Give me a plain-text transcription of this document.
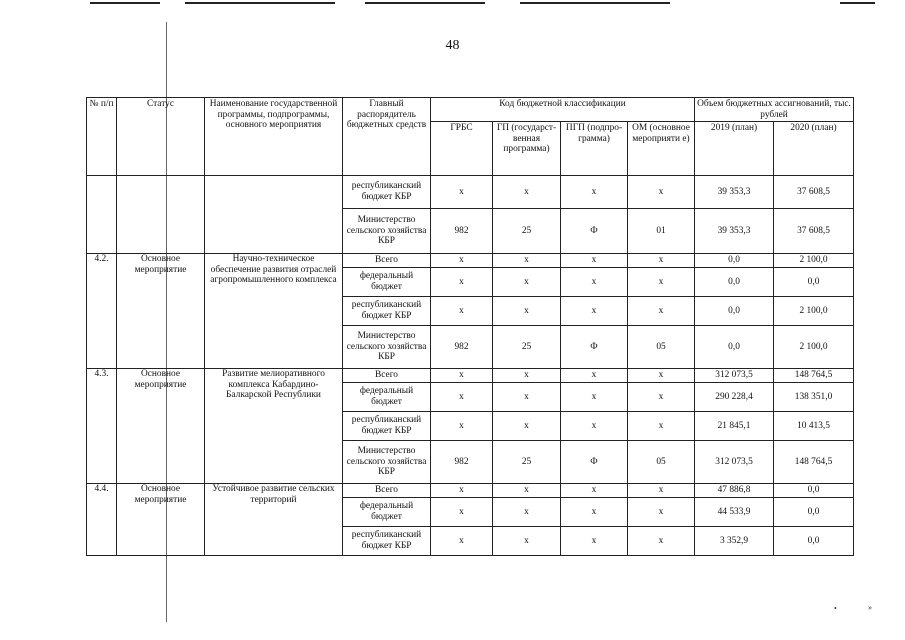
48
№ п/п	Статус	Наименование государственной программы, подпрограммы, основного мероприятия	Главный распорядитель бюджетных средств	Код бюджетной классификации				Объем бюджетных ассигнований, тыс. рублей	
				ГРБС	ГП (государст-венная программа)	ПГП (подпро-грамма)	ОМ (основное мероприяти е)	2019 (план)	2020 (план)
			республиканский бюджет КБР	х	х	х	х	39 353,3	37 608,5
			Министерство сельского хозяйства КБР	982	25	Ф	01	39 353,3	37 608,5
4.2.	Основное мероприятие	Научно-техническое обеспечение развития отраслей агропромышленного комплекса	Всего	х	х	х	х	0,0	2 100,0
			федеральный бюджет	х	х	х	х	0,0	0,0
			республиканский бюджет КБР	х	х	х	х	0,0	2 100,0
			Министерство сельского хозяйства КБР	982	25	Ф	05	0,0	2 100,0
4.3.	Основное мероприятие	Развитие мелиоративного комплекса Кабардино-Балкарской Республики	Всего	х	х	х	х	312 073,5	148 764,5
			федеральный бюджет	х	х	х	х	290 228,4	138 351,0
			республиканский бюджет КБР	х	х	х	х	21 845,1	10 413,5
			Министерство сельского хозяйства КБР	982	25	Ф	05	312 073,5	148 764,5
4.4.	Основное мероприятие	Устойчивое развитие сельских территорий	Всего	х	х	х	х	47 886,8	0,0
			федеральный бюджет	х	х	х	х	44 533,9	0,0
			республиканский бюджет КБР	х	х	х	х	3 352,9	0,0
•	»
